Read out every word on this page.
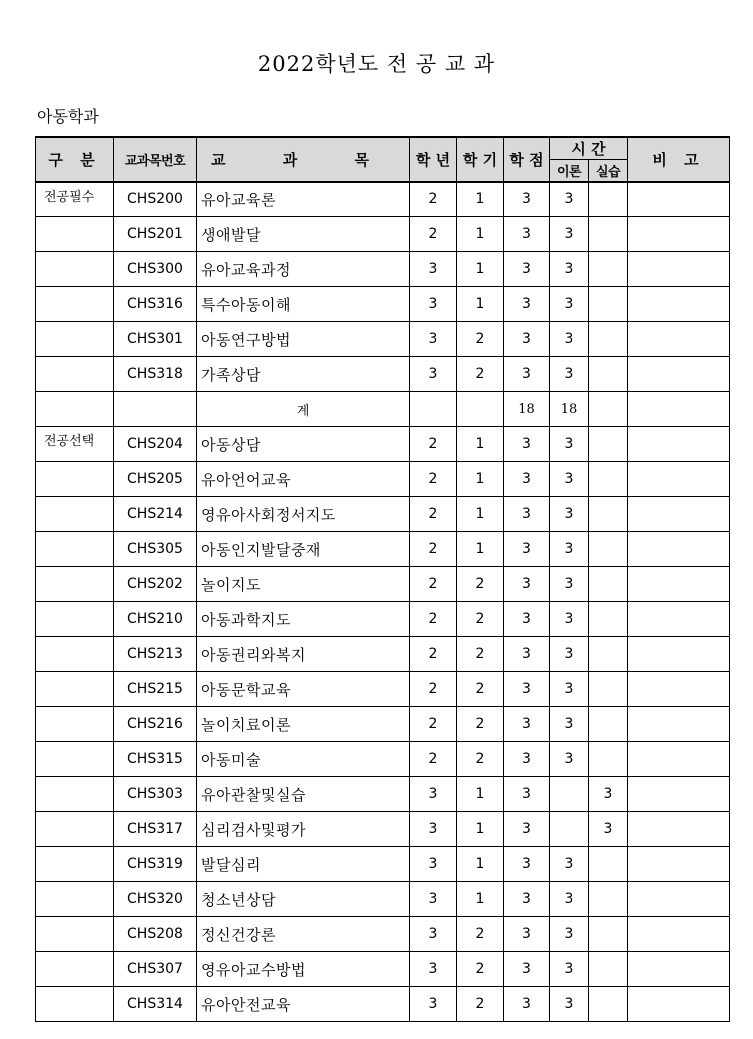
2022학년도 전 공 교 과
아동학과
구 분	교과목번호	교 과 목	학 년	학 기	학 점	시 간		비 고
						이론	실습	
전공필수	CHS200	유아교육론	2	1	3	3		
	CHS201	생애발달	2	1	3	3		
	CHS300	유아교육과정	3	1	3	3		
	CHS316	특수아동이해	3	1	3	3		
	CHS301	아동연구방법	3	2	3	3		
	CHS318	가족상담	3	2	3	3		
		계			18	18		
전공선택	CHS204	아동상담	2	1	3	3		
	CHS205	유아언어교육	2	1	3	3		
	CHS214	영유아사회정서지도	2	1	3	3		
	CHS305	아동인지발달중재	2	1	3	3		
	CHS202	놀이지도	2	2	3	3		
	CHS210	아동과학지도	2	2	3	3		
	CHS213	아동권리와복지	2	2	3	3		
	CHS215	아동문학교육	2	2	3	3		
	CHS216	놀이치료이론	2	2	3	3		
	CHS315	아동미술	2	2	3	3		
	CHS303	유아관찰및실습	3	1	3		3	
	CHS317	심리검사및평가	3	1	3		3	
	CHS319	발달심리	3	1	3	3		
	CHS320	청소년상담	3	1	3	3		
	CHS208	정신건강론	3	2	3	3		
	CHS307	영유아교수방법	3	2	3	3		
	CHS314	유아안전교육	3	2	3	3		
